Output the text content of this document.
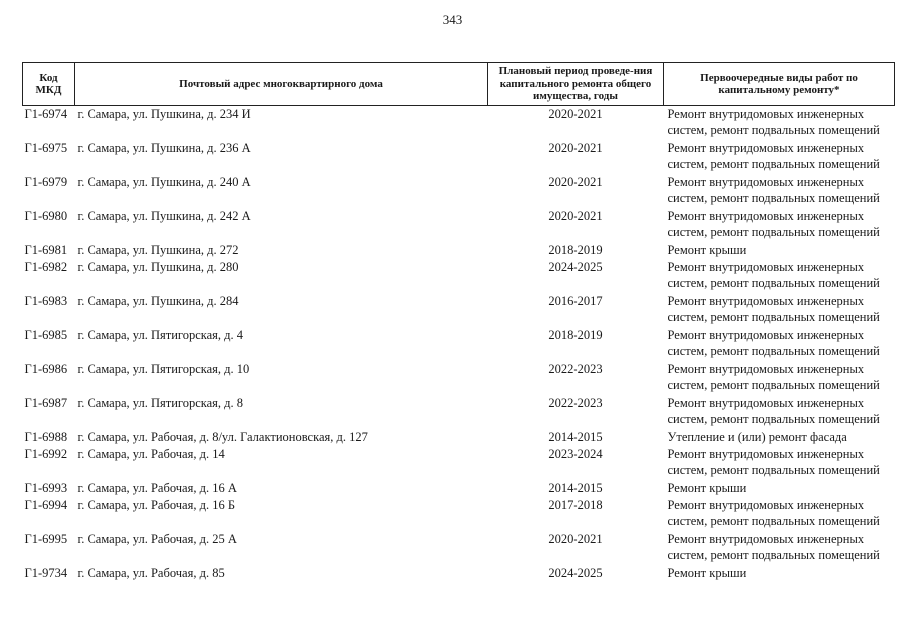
343
Код МКД	Почтовый адрес многоквартирного дома	Плановый период проведе-ния капитального ремонта общего имущества, годы	Первоочередные виды работ по капитальному ремонту*
Г1-6974	г. Самара, ул. Пушкина, д. 234 И	2020-2021	Ремонт внутридомовых инженерных систем, ремонт подвальных помещений
Г1-6975	г. Самара, ул. Пушкина, д. 236 А	2020-2021	Ремонт внутридомовых инженерных систем, ремонт подвальных помещений
Г1-6979	г. Самара, ул. Пушкина, д. 240 А	2020-2021	Ремонт внутридомовых инженерных систем, ремонт подвальных помещений
Г1-6980	г. Самара, ул. Пушкина, д. 242 А	2020-2021	Ремонт внутридомовых инженерных систем, ремонт подвальных помещений
Г1-6981	г. Самара, ул. Пушкина, д. 272	2018-2019	Ремонт крыши
Г1-6982	г. Самара, ул. Пушкина, д. 280	2024-2025	Ремонт внутридомовых инженерных систем, ремонт подвальных помещений
Г1-6983	г. Самара, ул. Пушкина, д. 284	2016-2017	Ремонт внутридомовых инженерных систем, ремонт подвальных помещений
Г1-6985	г. Самара, ул. Пятигорская, д. 4	2018-2019	Ремонт внутридомовых инженерных систем, ремонт подвальных помещений
Г1-6986	г. Самара, ул. Пятигорская, д. 10	2022-2023	Ремонт внутридомовых инженерных систем, ремонт подвальных помещений
Г1-6987	г. Самара, ул. Пятигорская, д. 8	2022-2023	Ремонт внутридомовых инженерных систем, ремонт подвальных помещений
Г1-6988	г. Самара, ул. Рабочая, д. 8/ул. Галактионовская, д. 127	2014-2015	Утепление и (или) ремонт фасада
Г1-6992	г. Самара, ул. Рабочая, д. 14	2023-2024	Ремонт внутридомовых инженерных систем, ремонт подвальных помещений
Г1-6993	г. Самара, ул. Рабочая, д. 16 А	2014-2015	Ремонт крыши
Г1-6994	г. Самара, ул. Рабочая, д. 16 Б	2017-2018	Ремонт внутридомовых инженерных систем, ремонт подвальных помещений
Г1-6995	г. Самара, ул. Рабочая, д. 25 А	2020-2021	Ремонт внутридомовых инженерных систем, ремонт подвальных помещений
Г1-9734	г. Самара, ул. Рабочая, д. 85	2024-2025	Ремонт крыши
